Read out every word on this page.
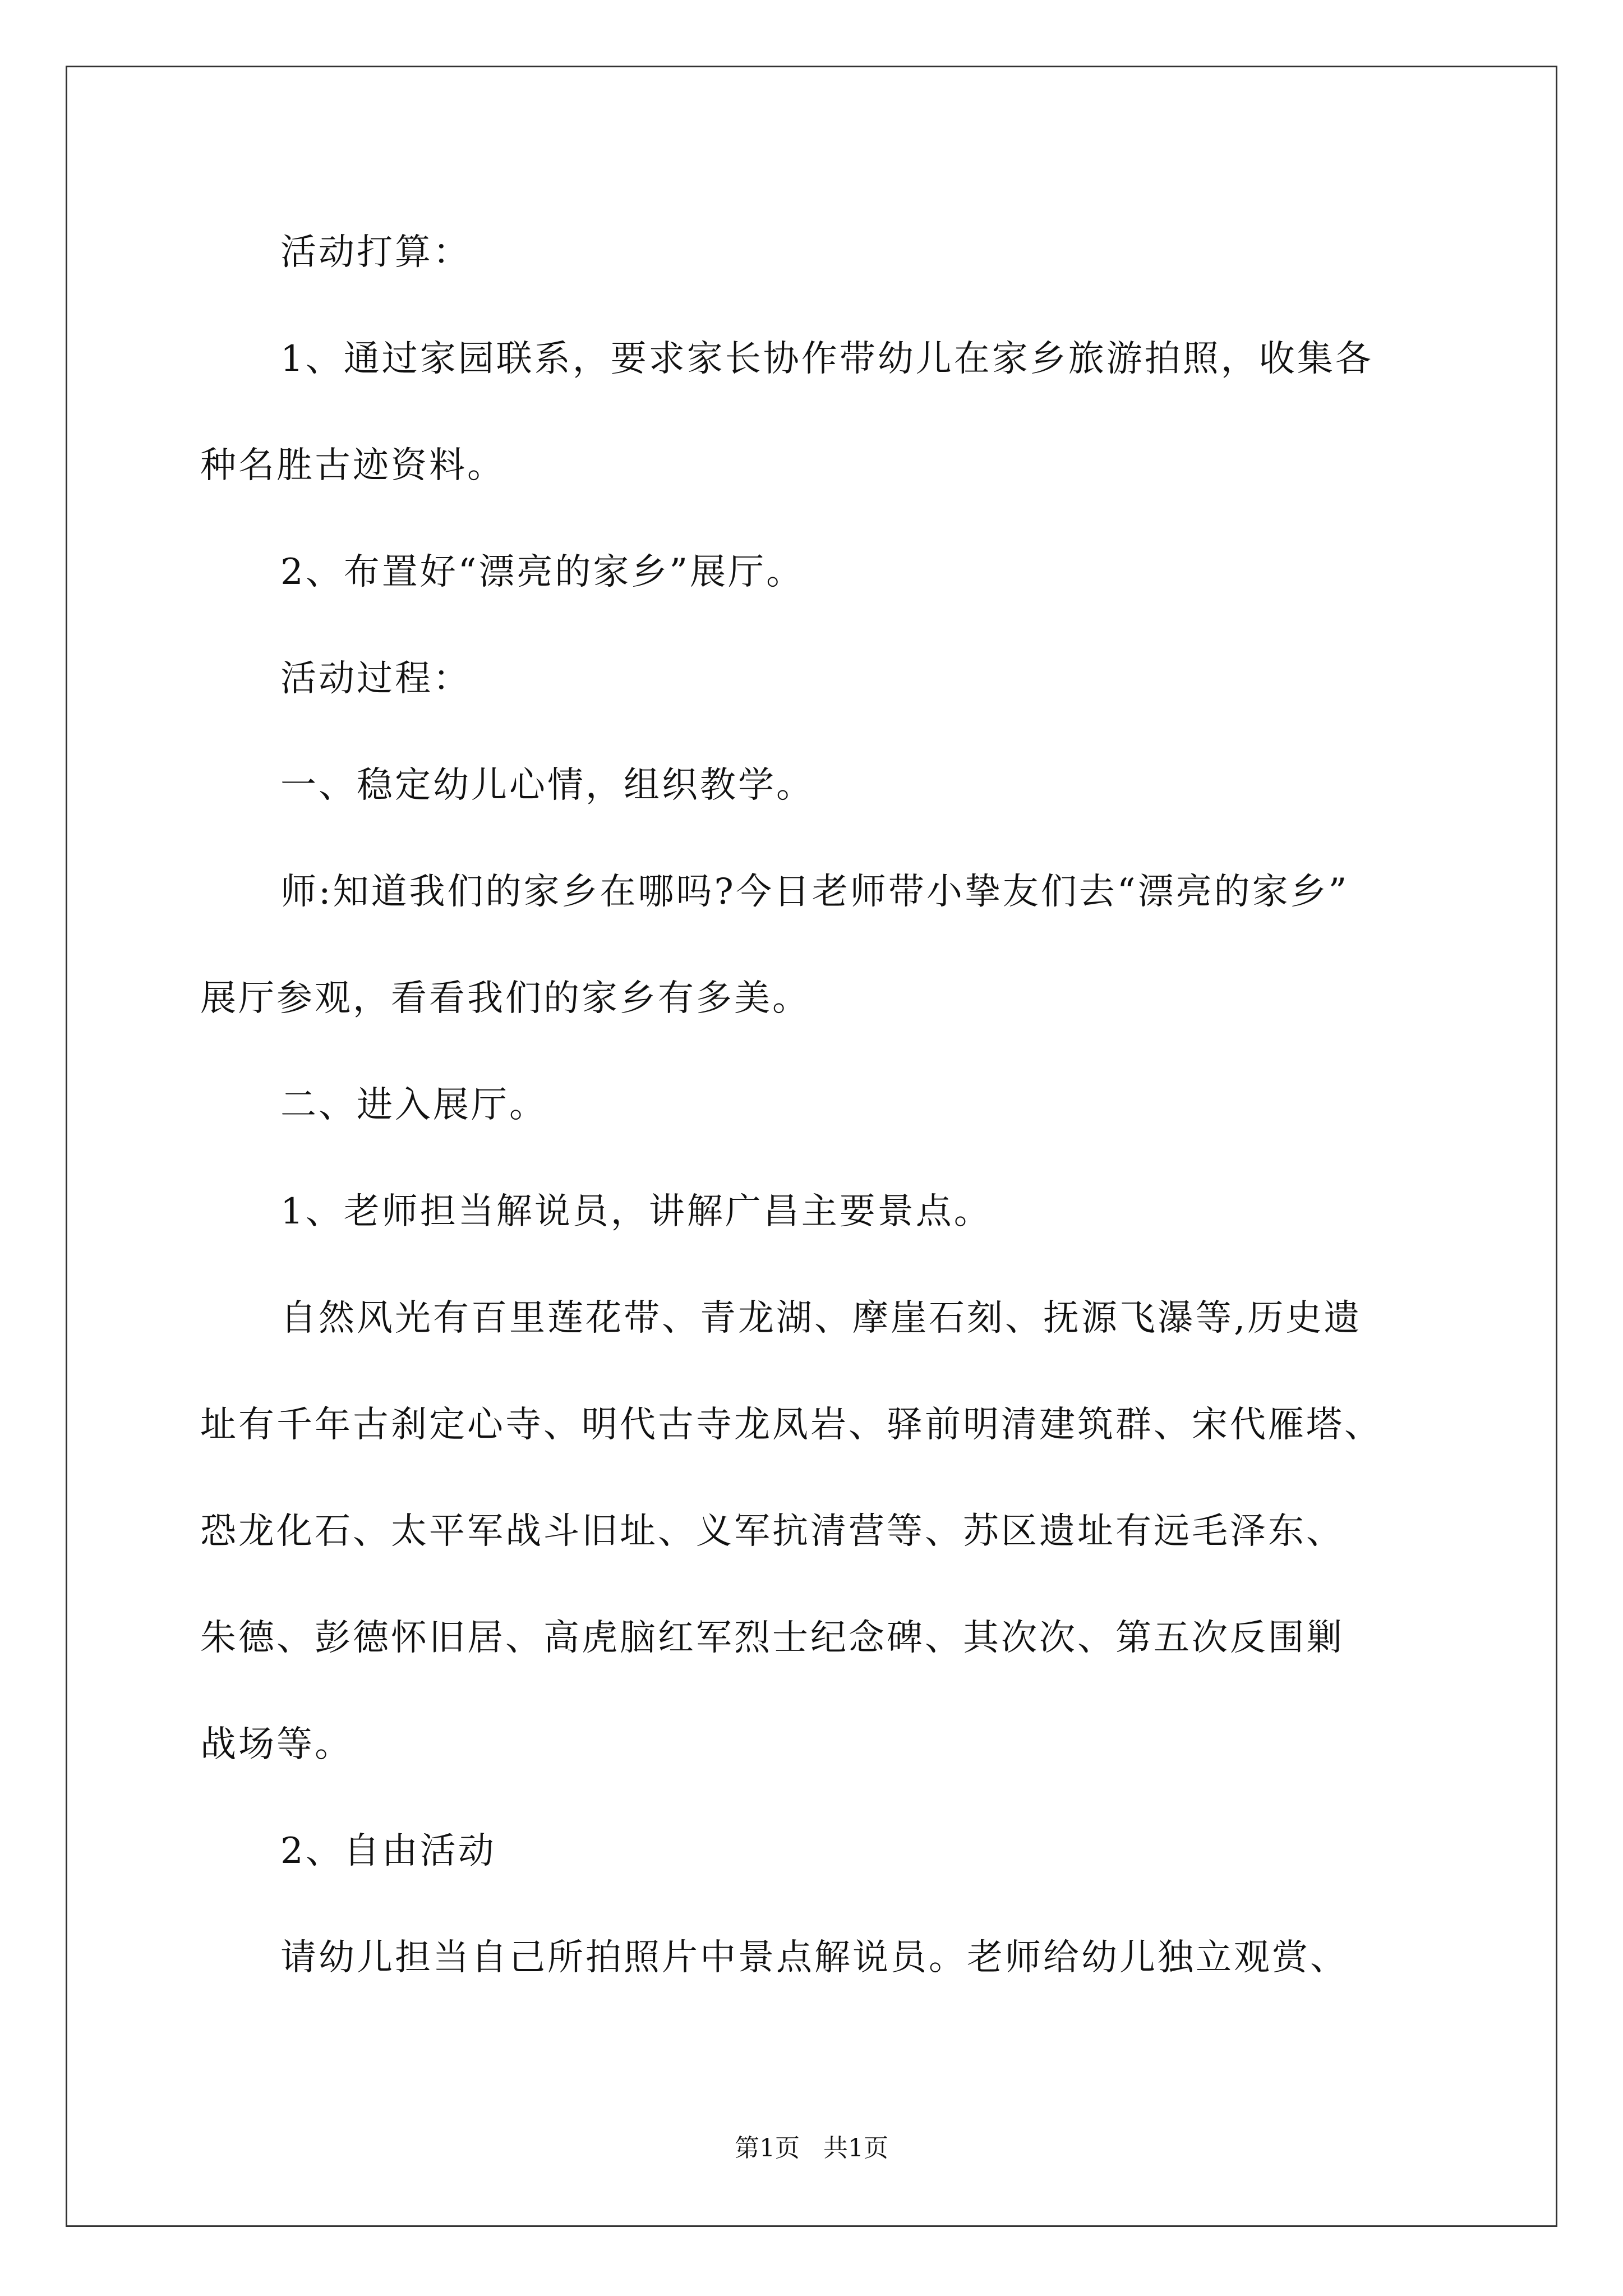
活动打算：
1、通过家园联系，要求家长协作带幼儿在家乡旅游拍照，收集各
种名胜古迹资料。
2、布置好“漂亮的家乡”展厅。
活动过程：
一、稳定幼儿心情，组织教学。
师:知道我们的家乡在哪吗?今日老师带小挚友们去“漂亮的家乡”
展厅参观，看看我们的家乡有多美。
二、进入展厅。
1、老师担当解说员，讲解广昌主要景点。
自然风光有百里莲花带、青龙湖、摩崖石刻、抚源飞瀑等,历史遗
址有千年古刹定心寺、明代古寺龙凤岩、驿前明清建筑群、宋代雁塔、
恐龙化石、太平军战斗旧址、义军抗清营等、苏区遗址有远毛泽东、
朱德、彭德怀旧居、高虎脑红军烈士纪念碑、其次次、第五次反围剿
战场等。
2、自由活动
请幼儿担当自己所拍照片中景点解说员。老师给幼儿独立观赏、
第1页   共1页
